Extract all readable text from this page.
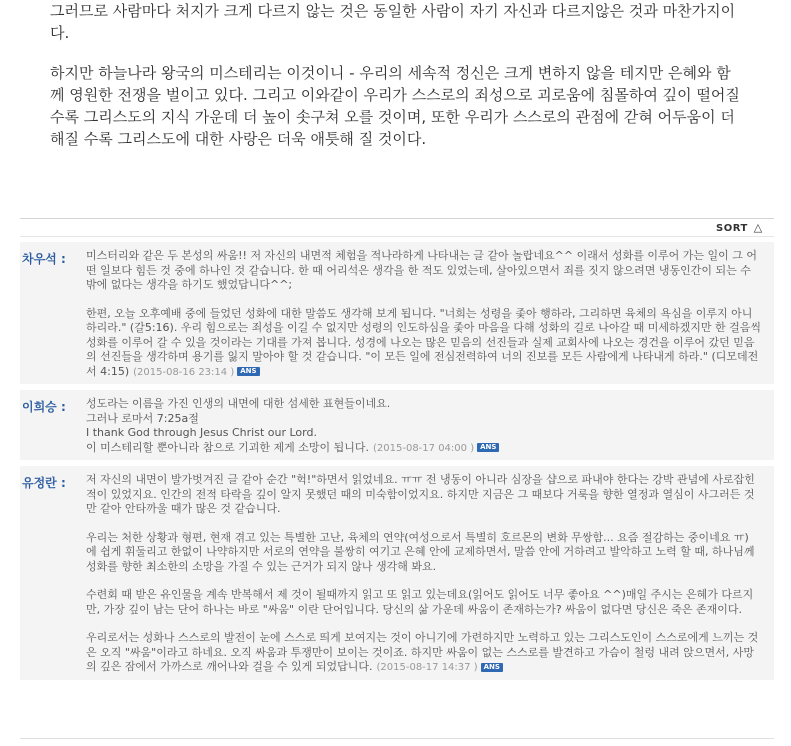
그러므로 사람마다 처지가 크게 다르지 않는 것은 동일한 사람이 자기 자신과 다르지않은 것과 마찬가지이다.

하지만 하늘나라 왕국의 미스테리는 이것이니 - 우리의 세속적 정신은 크게 변하지 않을 테지만 은혜와 함께 영원한 전쟁을 벌이고 있다. 그리고 이와같이 우리가 스스로의 죄성으로 괴로움에 침몰하여 깊이 떨어질 수록 그리스도의 지식 가운데 더 높이 솟구쳐 오를 것이며, 또한 우리가 스스로의 관점에 갇혀 어두움이 더해질 수록 그리스도에 대한 사랑은 더욱 애틋해 질 것이다.

SORT △
차우석 :	미스터리와 같은 두 본성의 싸움!! 저 자신의 내면적 체험을 적나라하게 나타내는 글 같아 놀랍네요^^ 이래서 성화를 이루어 가는 일이 그 어떤 일보다 힘든 것 중에 하나인 것 같습니다. 한 때 어리석은 생각을 한 적도 있었는데, 살아있으면서 죄를 짓지 않으려면 냉동인간이 되는 수 밖에 없다는 생각을 하기도 했었답니다^^;

한편, 오늘 오후예배 중에 들었던 성화에 대한 말씀도 생각해 보게 됩니다. "너희는 성령을 좇아 행하라, 그리하면 육체의 욕심을 이루지 아니하리라." (갈5:16). 우리 힘으로는 죄성을 이길 수 없지만 성령의 인도하심을 좇아 마음을 다해 성화의 길로 나아갈 때 미세하겠지만 한 걸음씩 성화를 이루어 갈 수 있을 것이라는 기대를 가져 봅니다. 성경에 나오는 많은 믿음의 선진들과 실제 교회사에 나오는 경건을 이루어 갔던 믿음의 선진들을 생각하며 용기를 잃지 말아야 할 것 같습니다. "이 모든 일에 전심전력하여 너의 진보를 모든 사람에게 나타내게 하라." (디모데전서 4:15) (2015-08-16 23:14 ) ANS

이희승 :	성도라는 이름을 가진 인생의 내면에 대한 섬세한 표현들이네요.
그러나 로마서 7:25a절
I thank God through Jesus Christ our Lord.
이 미스테리할 뿐아니라 참으로 기괴한 제게 소망이 됩니다. (2015-08-17 04:00 ) ANS

유정란 :	저 자신의 내면이 발가벗겨진 글 같아 순간 "헉!"하면서 읽었네요. ㅠㅠ 전 냉동이 아니라 심장을 샵으로 파내야 한다는 강박 관념에 사로잡힌 적이 있었지요. 인간의 전적 타락을 깊이 알지 못했던 때의 미숙함이었지요. 하지만 지금은 그 때보다 거룩을 향한 열정과 열심이 사그러든 것만 같아 안타까울 때가 많은 것 같습니다.

우리는 처한 상황과 형편, 현재 겪고 있는 특별한 고난, 육체의 연약(여성으로서 특별히 호르몬의 변화 무쌍함... 요즘 절감하는 중이네요 ㅠ) 에 쉽게 휘둘리고 한없이 나약하지만 서로의 연약을 불쌍히 여기고 은혜 안에 교제하면서, 말씀 안에 거하려고 발악하고 노력 할 때, 하나님께 성화를 향한 최소한의 소망을 가질 수 있는 근거가 되지 않나 생각해 봐요.

수련회 때 받은 유인물을 계속 반복해서 제 것이 될때까지 읽고 또 읽고 있는데요(읽어도 읽어도 너무 좋아요 ^^)매일 주시는 은혜가 다르지만, 가장 깊이 남는 단어 하나는 바로 "싸움" 이란 단어입니다. 당신의 삶 가운데 싸움이 존재하는가? 싸움이 없다면 당신은 죽은 존재이다.

우리로서는 성화나 스스로의 발전이 눈에 스스로 띄게 보여지는 것이 아니기에 가련하지만 노력하고 있는 그리스도인이 스스로에게 느끼는 것은 오직 "싸움"이라고 하네요. 오직 싸움과 투쟁만이 보이는 것이죠. 하지만 싸움이 없는 스스로를 발견하고 가슴이 철렁 내려 앉으면서, 사망의 깊은 잠에서 가까스로 깨어나와 걸을 수 있게 되었답니다. (2015-08-17 14:37 ) ANS
